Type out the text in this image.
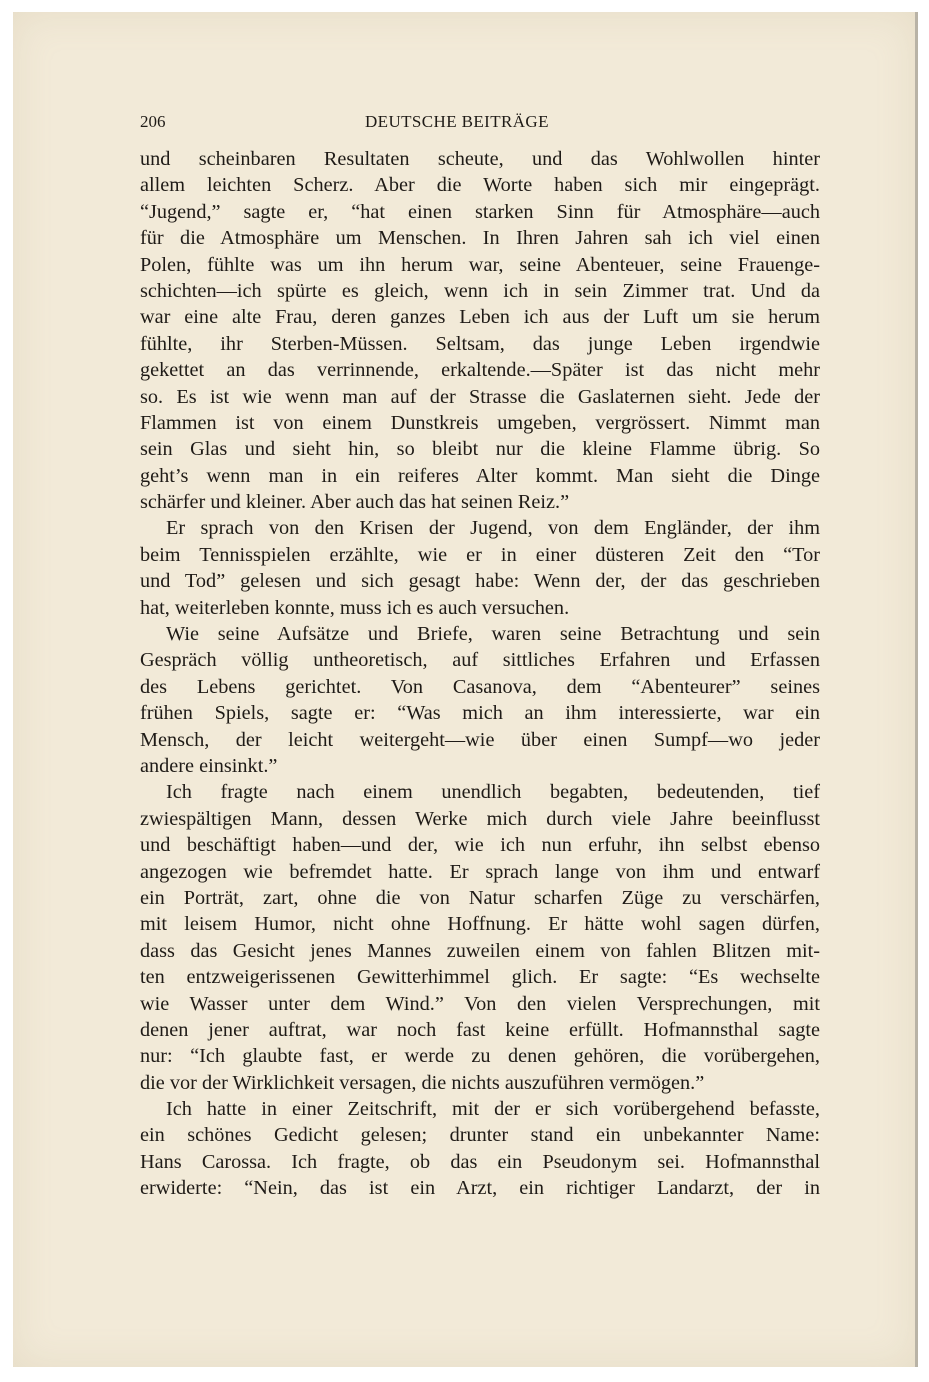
206	DEUTSCHE BEITRÄGE
und scheinbaren Resultaten scheute, und das Wohlwollen hinter
allem leichten Scherz. Aber die Worte haben sich mir eingeprägt.
“Jugend,” sagte er, “hat einen starken Sinn für Atmosphäre—auch
für die Atmosphäre um Menschen. In Ihren Jahren sah ich viel einen
Polen, fühlte was um ihn herum war, seine Abenteuer, seine Frauenge-
schichten—ich spürte es gleich, wenn ich in sein Zimmer trat. Und da
war eine alte Frau, deren ganzes Leben ich aus der Luft um sie herum
fühlte, ihr Sterben-Müssen. Seltsam, das junge Leben irgendwie
gekettet an das verrinnende, erkaltende.—Später ist das nicht mehr
so. Es ist wie wenn man auf der Strasse die Gaslaternen sieht. Jede der
Flammen ist von einem Dunstkreis umgeben, vergrössert. Nimmt man
sein Glas und sieht hin, so bleibt nur die kleine Flamme übrig. So
geht’s wenn man in ein reiferes Alter kommt. Man sieht die Dinge
schärfer und kleiner. Aber auch das hat seinen Reiz.”
Er sprach von den Krisen der Jugend, von dem Engländer, der ihm
beim Tennisspielen erzählte, wie er in einer düsteren Zeit den “Tor
und Tod” gelesen und sich gesagt habe: Wenn der, der das geschrieben
hat, weiterleben konnte, muss ich es auch versuchen.
Wie seine Aufsätze und Briefe, waren seine Betrachtung und sein
Gespräch völlig untheoretisch, auf sittliches Erfahren und Erfassen
des Lebens gerichtet. Von Casanova, dem “Abenteurer” seines
frühen Spiels, sagte er: “Was mich an ihm interessierte, war ein
Mensch, der leicht weitergeht—wie über einen Sumpf—wo jeder
andere einsinkt.”
Ich fragte nach einem unendlich begabten, bedeutenden, tief
zwiespältigen Mann, dessen Werke mich durch viele Jahre beeinflusst
und beschäftigt haben—und der, wie ich nun erfuhr, ihn selbst ebenso
angezogen wie befremdet hatte. Er sprach lange von ihm und entwarf
ein Porträt, zart, ohne die von Natur scharfen Züge zu verschärfen,
mit leisem Humor, nicht ohne Hoffnung. Er hätte wohl sagen dürfen,
dass das Gesicht jenes Mannes zuweilen einem von fahlen Blitzen mit-
ten entzweigerissenen Gewitterhimmel glich. Er sagte: “Es wechselte
wie Wasser unter dem Wind.” Von den vielen Versprechungen, mit
denen jener auftrat, war noch fast keine erfüllt. Hofmannsthal sagte
nur: “Ich glaubte fast, er werde zu denen gehören, die vorübergehen,
die vor der Wirklichkeit versagen, die nichts auszuführen vermögen.”
Ich hatte in einer Zeitschrift, mit der er sich vorübergehend befasste,
ein schönes Gedicht gelesen; drunter stand ein unbekannter Name:
Hans Carossa. Ich fragte, ob das ein Pseudonym sei. Hofmannsthal
erwiderte: “Nein, das ist ein Arzt, ein richtiger Landarzt, der in
